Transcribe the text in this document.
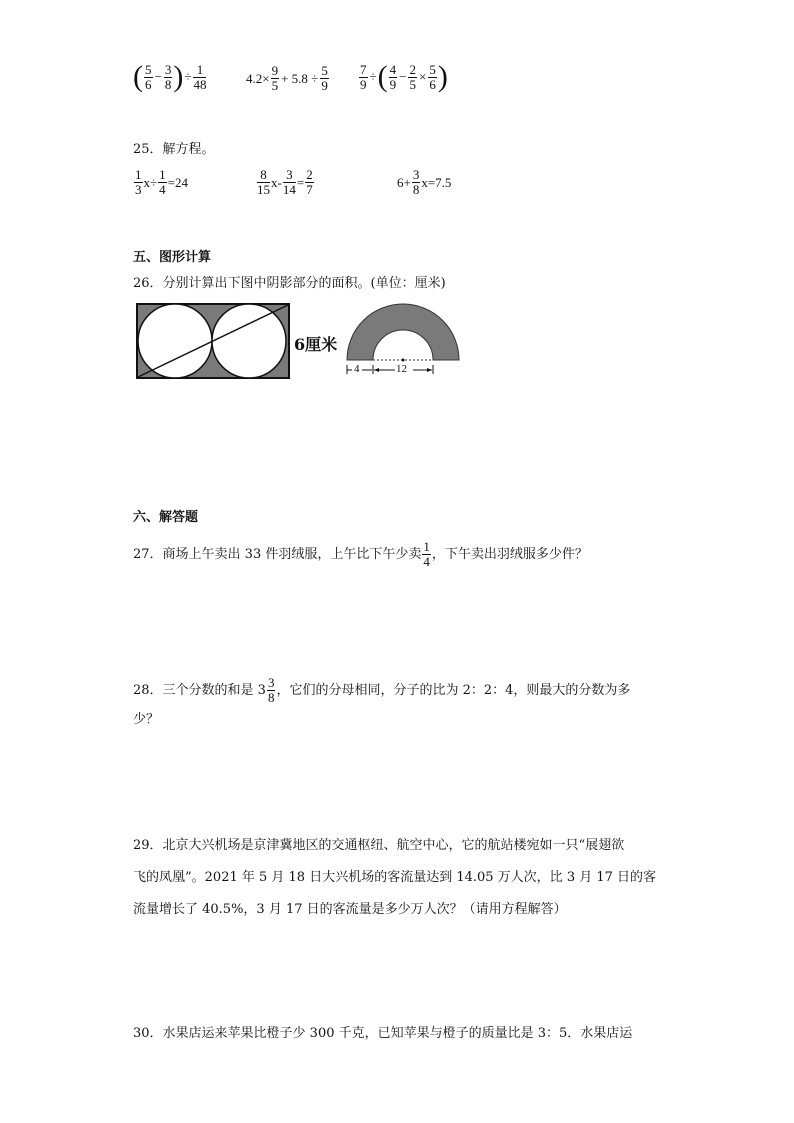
( $\frac{5}{6} - \frac{3}{8}$ ) ÷ $\frac{1}{48}$	$4.2\times \frac{9}{5} + 5.8 \div \frac{5}{9} \frac{7}{9}$ ÷ ( $\frac{4}{9} - \frac{2}{5} \times \frac{5}{6}$ )
25．解方程。
$\frac{1}{3} x\div \frac{1}{4} =24$	$\frac{8}{15} x- \frac{3}{14} = \frac{2}{7}$	$6+ \frac{3}{8} x=7.5$
五、图形计算
26．分别计算出下图中阴影部分的面积。(单位：厘米)
6厘米
4	12
六、解答题
27．商场上午卖出 33 件羽绒服，上午比下午少卖 $\frac{1}{4}$ ，下午卖出羽绒服多少件？
28．三个分数的和是 $3 \frac{3}{8}$ ，它们的分母相同，分子的比为 2：2：4，则最大的分数为多
少？
29．北京大兴机场是京津冀地区的交通枢纽、航空中心，它的航站楼宛如一只“展翅欲
飞的凤凰”。2021 年 5 月 18 日大兴机场的客流量达到 14.05 万人次，比 3 月 17 日的客
流量增长了 40.5%，3 月 17 日的客流量是多少万人次？（请用方程解答）
30．水果店运来苹果比橙子少 300 千克，已知苹果与橙子的质量比是 3：5．水果店运
